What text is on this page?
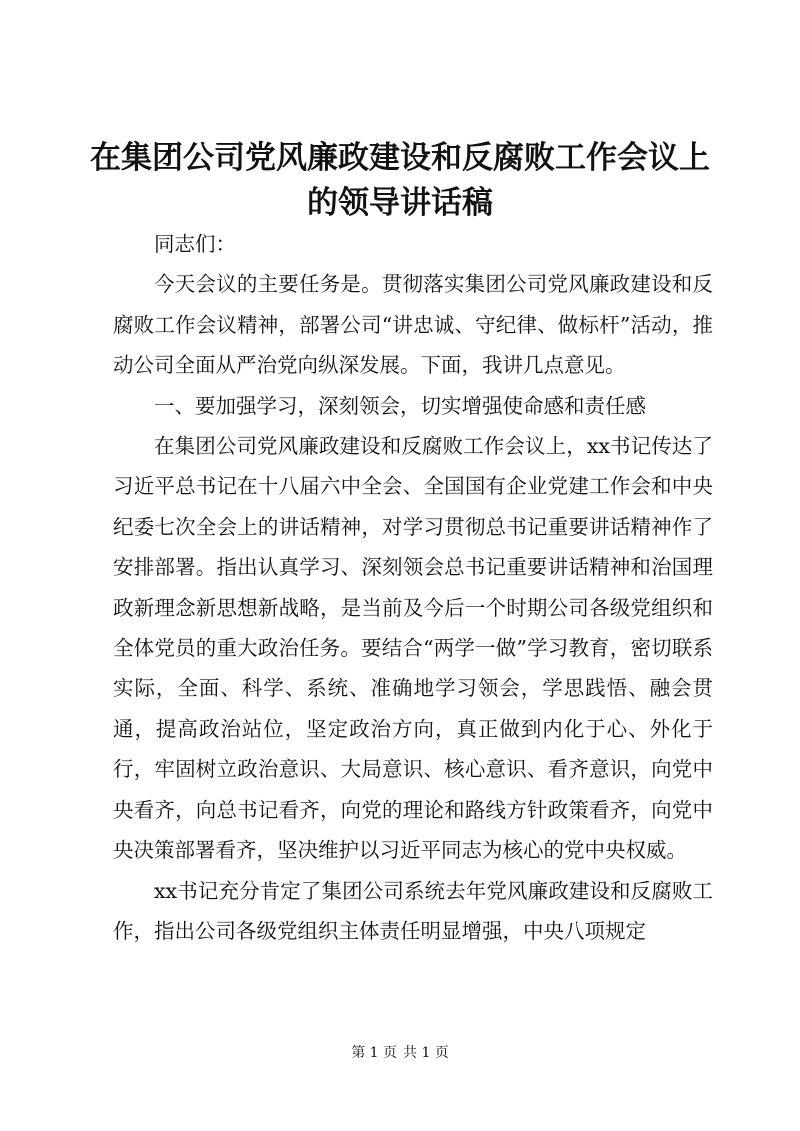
在集团公司党风廉政建设和反腐败工作会议上
的领导讲话稿

同志们：

今天会议的主要任务是。贯彻落实集团公司党风廉政建设和反腐败工作会议精神，部署公司“讲忠诚、守纪律、做标杆”活动，推动公司全面从严治党向纵深发展。下面，我讲几点意见。

一、要加强学习，深刻领会，切实增强使命感和责任感

在集团公司党风廉政建设和反腐败工作会议上，xx书记传达了习近平总书记在十八届六中全会、全国国有企业党建工作会和中央纪委七次全会上的讲话精神，对学习贯彻总书记重要讲话精神作了安排部署。指出认真学习、深刻领会总书记重要讲话精神和治国理政新理念新思想新战略，是当前及今后一个时期公司各级党组织和全体党员的重大政治任务。要结合“两学一做”学习教育，密切联系实际，全面、科学、系统、准确地学习领会，学思践悟、融会贯通，提高政治站位，坚定政治方向，真正做到内化于心、外化于行，牢固树立政治意识、大局意识、核心意识、看齐意识，向党中央看齐，向总书记看齐，向党的理论和路线方针政策看齐，向党中央决策部署看齐，坚决维护以习近平同志为核心的党中央权威。

xx书记充分肯定了集团公司系统去年党风廉政建设和反腐败工作，指出公司各级党组织主体责任明显增强，中央八项规定

第 1 页 共 1 页
